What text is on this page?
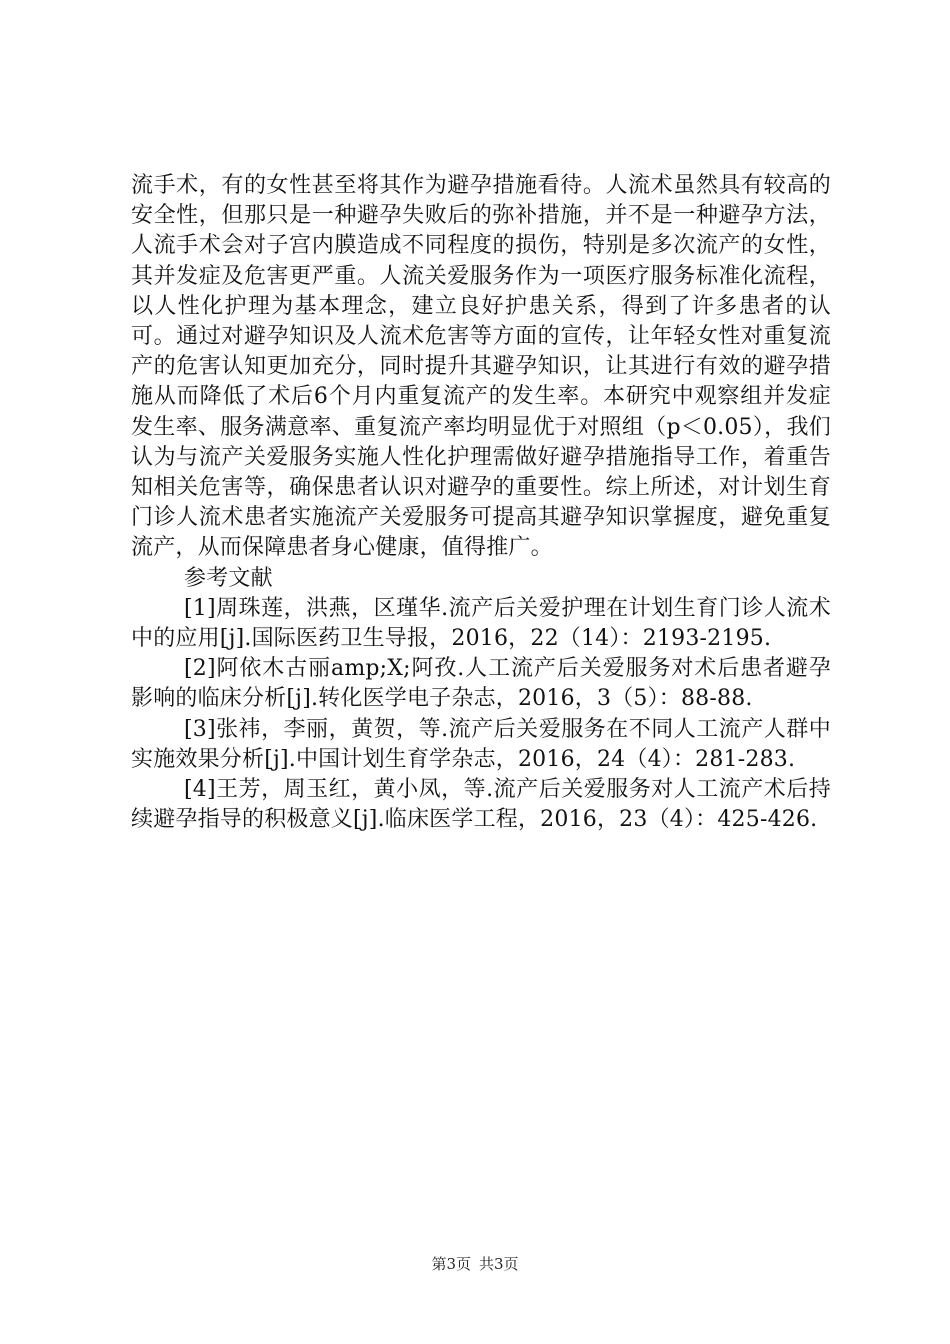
流手术，有的女性甚至将其作为避孕措施看待。人流术虽然具有较高的安全性，但那只是一种避孕失败后的弥补措施，并不是一种避孕方法，人流手术会对子宫内膜造成不同程度的损伤，特别是多次流产的女性，其并发症及危害更严重。人流关爱服务作为一项医疗服务标准化流程，以人性化护理为基本理念，建立良好护患关系，得到了许多患者的认可。通过对避孕知识及人流术危害等方面的宣传，让年轻女性对重复流产的危害认知更加充分，同时提升其避孕知识，让其进行有效的避孕措施从而降低了术后6个月内重复流产的发生率。本研究中观察组并发症发生率、服务满意率、重复流产率均明显优于对照组（p＜0.05），我们认为与流产关爱服务实施人性化护理需做好避孕措施指导工作，着重告知相关危害等，确保患者认识对避孕的重要性。综上所述，对计划生育门诊人流术患者实施流产关爱服务可提高其避孕知识掌握度，避免重复流产，从而保障患者身心健康，值得推广。

参考文献

[1]周珠莲，洪燕，区瑾华.流产后关爱护理在计划生育门诊人流术中的应用[j].国际医药卫生导报，2016，22（14）：2193-2195.

[2]阿依木古丽amp;X;阿孜.人工流产后关爱服务对术后患者避孕影响的临床分析[j].转化医学电子杂志，2016，3（5）：88-88.

[3]张祎，李丽，黄贺，等.流产后关爱服务在不同人工流产人群中实施效果分析[j].中国计划生育学杂志，2016，24（4）：281-283.

[4]王芳，周玉红，黄小凤，等.流产后关爱服务对人工流产术后持续避孕指导的积极意义[j].临床医学工程，2016，23（4）：425-426.

第3页 共3页
